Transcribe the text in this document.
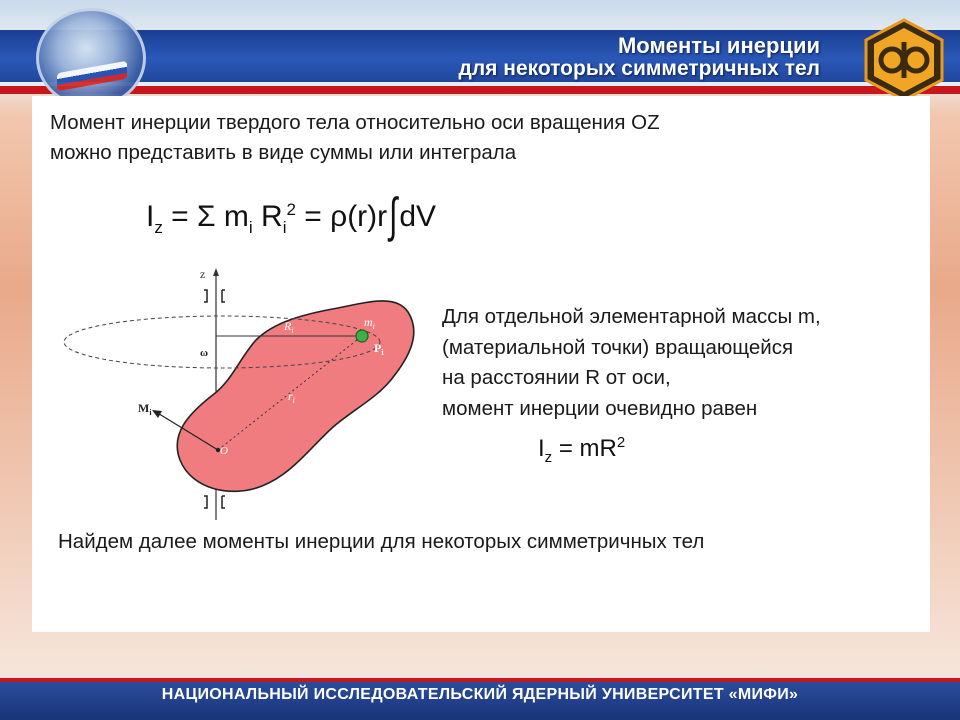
Моменты инерции
для некоторых симметричных тел
Момент инерции твердого тела относительно оси вращения OZ
можно представить в виде суммы или интеграла
$I_z = \Sigma$ $m_i$ $R_i^2 = \rho(r)r\int dV$
z
ω
$R_i$
$m_i$
$P_i$
$r_i$
$M_i$
O
Для отдельной элементарной массы m,
(материальной точки) вращающейся
на расстоянии R от оси,
момент инерции очевидно равен
$I_z = mR^2$
Найдем далее моменты инерции для некоторых симметричных тел
НАЦИОНАЛЬНЫЙ ИССЛЕДОВАТЕЛЬСКИЙ ЯДЕРНЫЙ УНИВЕРСИТЕТ «МИФИ»
